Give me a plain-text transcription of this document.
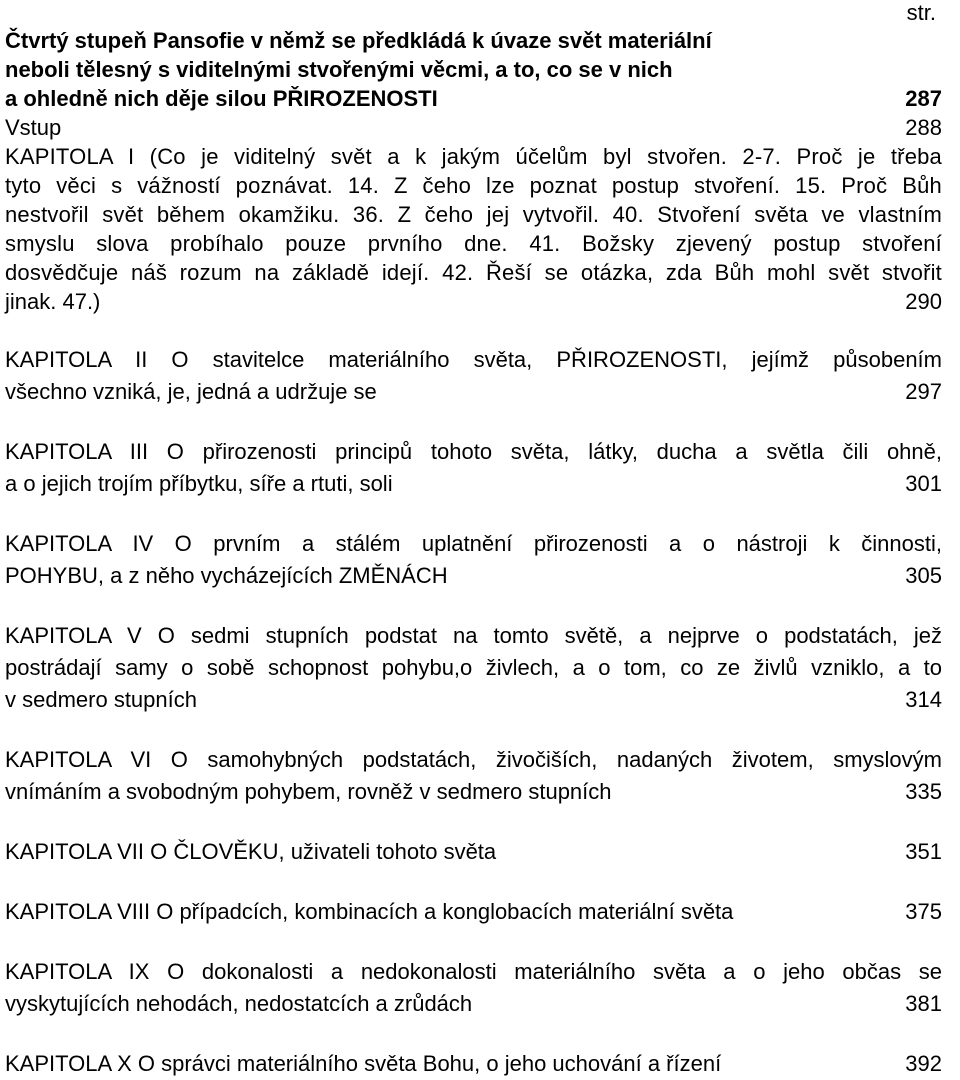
str.
Čtvrtý stupeň Pansofie v němž se předkládá k úvaze svět materiální
neboli tělesný s viditelnými stvořenými věcmi, a to, co se v nich
a ohledně nich děje silou PŘIROZENOSTI	287
Vstup	288
KAPITOLA I (Co je viditelný svět a k jakým účelům byl stvořen. 2-7. Proč je třeba
tyto věci s vážností poznávat. 14. Z čeho lze poznat postup stvoření. 15. Proč Bůh
nestvořil svět během okamžiku. 36. Z čeho jej vytvořil. 40. Stvoření světa ve vlastním
smyslu slova probíhalo pouze prvního dne. 41. Božsky zjevený postup stvoření
dosvědčuje náš rozum na základě idejí. 42. Řeší se otázka, zda Bůh mohl svět stvořit
jinak. 47.)	290
KAPITOLA II O stavitelce materiálního světa, PŘIROZENOSTI, jejímž působením
všechno vzniká, je, jedná a udržuje se	297
KAPITOLA III O přirozenosti principů tohoto světa, látky, ducha a světla čili ohně,
a o jejich trojím příbytku, síře a rtuti, soli	301
KAPITOLA IV O prvním a stálém uplatnění přirozenosti a o nástroji k činnosti,
POHYBU, a z něho vycházejících ZMĚNÁCH	305
KAPITOLA V O sedmi stupních podstat na tomto světě, a nejprve o podstatách, jež
postrádají samy o sobě schopnost pohybu,o živlech, a o tom, co ze živlů vzniklo, a to
v sedmero stupních	314
KAPITOLA VI O samohybných podstatách, živočiších, nadaných životem, smyslovým
vnímáním a svobodným pohybem, rovněž v sedmero stupních	335
KAPITOLA VII O ČLOVĚKU, uživateli tohoto světa	351
KAPITOLA VIII O případcích, kombinacích a konglobacích materiální světa	375
KAPITOLA IX O dokonalosti a nedokonalosti materiálního světa a o jeho občas se
vyskytujících nehodách, nedostatcích a zrůdách	381
KAPITOLA X O správci materiálního světa Bohu, o jeho uchování a řízení	392
